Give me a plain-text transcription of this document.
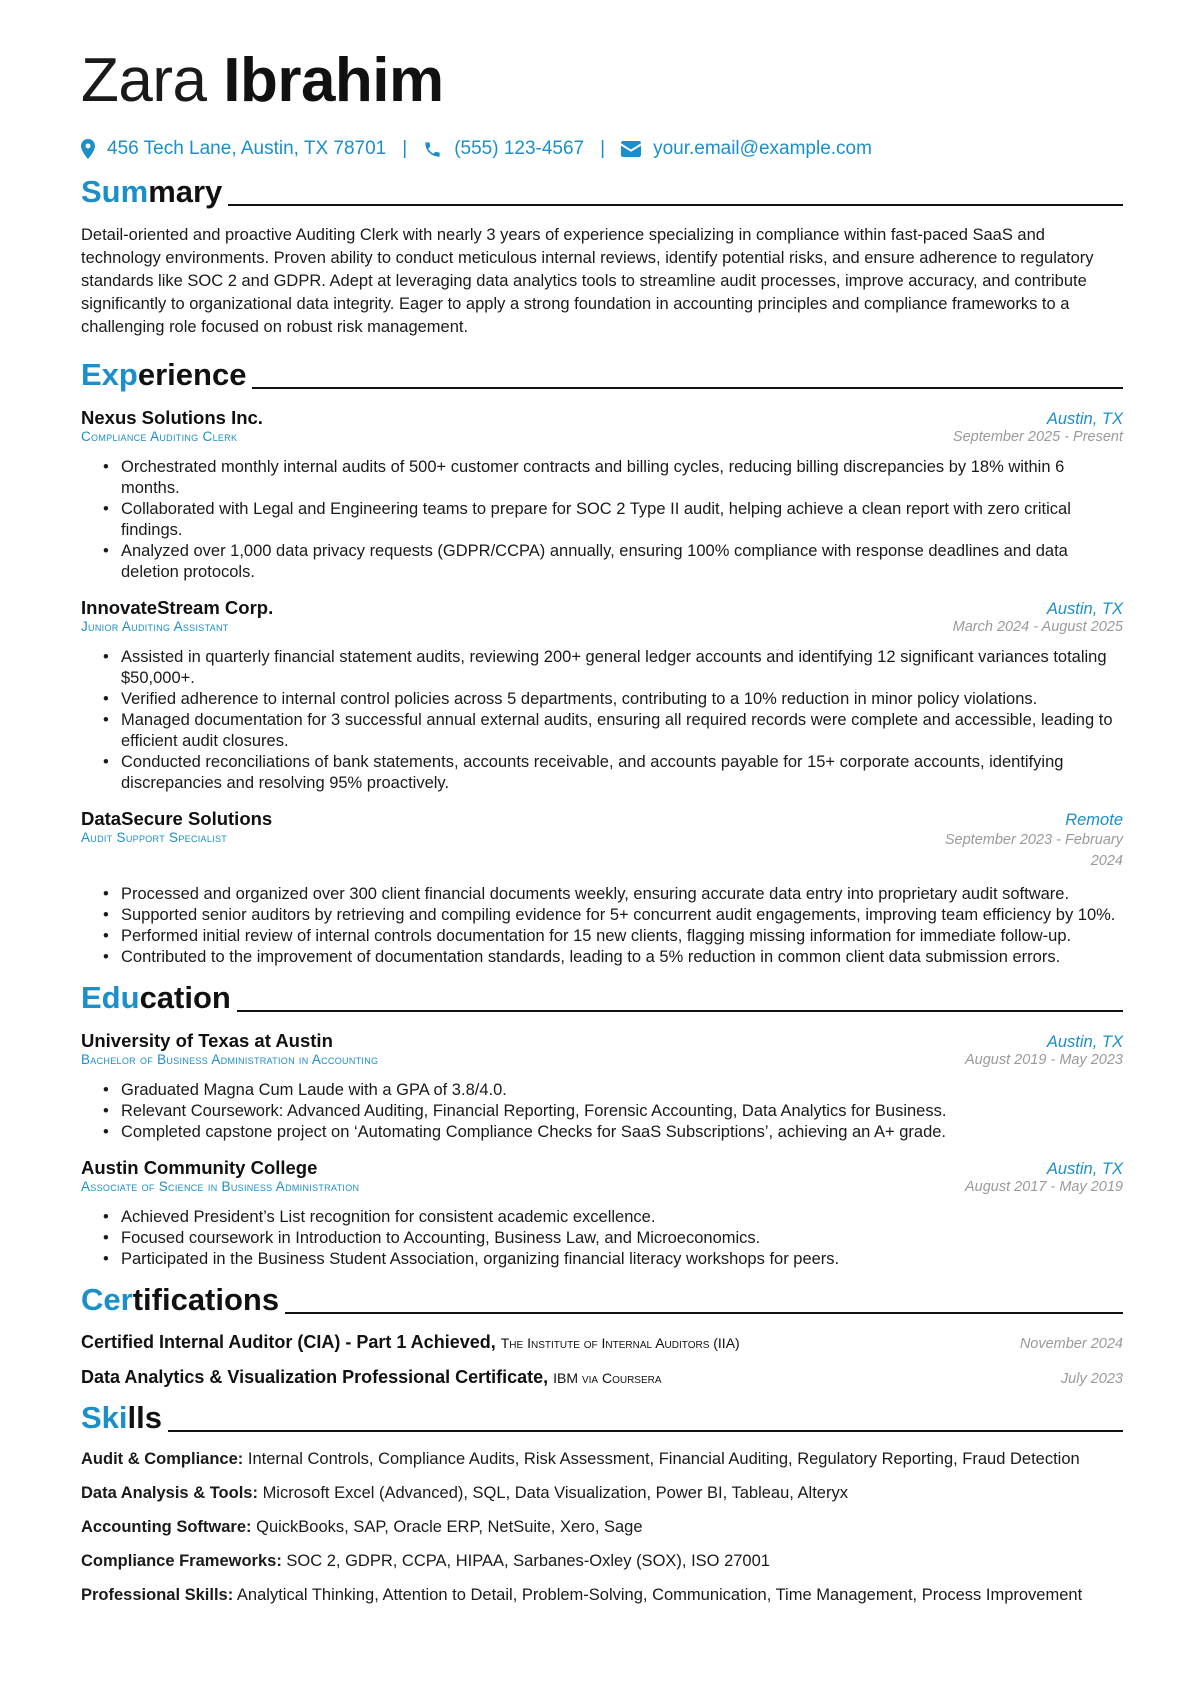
Zara Ibrahim
456 Tech Lane, Austin, TX 78701 | (555) 123-4567 |	your.email@example.com
Summary
Detail-oriented and proactive Auditing Clerk with nearly 3 years of experience specializing in compliance within fast-paced SaaS and technology environments. Proven ability to conduct meticulous internal reviews, identify potential risks, and ensure adherence to regulatory standards like SOC 2 and GDPR. Adept at leveraging data analytics tools to streamline audit processes, improve accuracy, and contribute significantly to organizational data integrity. Eager to apply a strong foundation in accounting principles and compliance frameworks to a challenging role focused on robust risk management.
Experience
Nexus Solutions Inc.	Austin, TX
Compliance Auditing Clerk	September 2025 - Present
• Orchestrated monthly internal audits of 500+ customer contracts and billing cycles, reducing billing discrepancies by 18% within 6 months.
• Collaborated with Legal and Engineering teams to prepare for SOC 2 Type II audit, helping achieve a clean report with zero critical findings.
• Analyzed over 1,000 data privacy requests (GDPR/CCPA) annually, ensuring 100% compliance with response deadlines and data deletion protocols.
InnovateStream Corp.	Austin, TX
Junior Auditing Assistant	March 2024 - August 2025
• Assisted in quarterly financial statement audits, reviewing 200+ general ledger accounts and identifying 12 significant variances totaling $50,000+.
• Verified adherence to internal control policies across 5 departments, contributing to a 10% reduction in minor policy violations.
• Managed documentation for 3 successful annual external audits, ensuring all required records were complete and accessible, leading to efficient audit closures.
• Conducted reconciliations of bank statements, accounts receivable, and accounts payable for 15+ corporate accounts, identifying discrepancies and resolving 95% proactively.
DataSecure Solutions	Remote
Audit Support Specialist	September 2023 - February 2024
• Processed and organized over 300 client financial documents weekly, ensuring accurate data entry into proprietary audit software.
• Supported senior auditors by retrieving and compiling evidence for 5+ concurrent audit engagements, improving team efficiency by 10%.
• Performed initial review of internal controls documentation for 15 new clients, flagging missing information for immediate follow-up.
• Contributed to the improvement of documentation standards, leading to a 5% reduction in common client data submission errors.
Education
University of Texas at Austin	Austin, TX
Bachelor of Business Administration in Accounting	August 2019 - May 2023
• Graduated Magna Cum Laude with a GPA of 3.8/4.0.
• Relevant Coursework: Advanced Auditing, Financial Reporting, Forensic Accounting, Data Analytics for Business.
• Completed capstone project on ‘Automating Compliance Checks for SaaS Subscriptions’, achieving an A+ grade.
Austin Community College	Austin, TX
Associate of Science in Business Administration	August 2017 - May 2019
• Achieved President’s List recognition for consistent academic excellence.
• Focused coursework in Introduction to Accounting, Business Law, and Microeconomics.
• Participated in the Business Student Association, organizing financial literacy workshops for peers.
Certifications
Certified Internal Auditor (CIA) - Part 1 Achieved, The Institute of Internal Auditors (IIA)	November 2024
Data Analytics & Visualization Professional Certificate, IBM via Coursera	July 2023
Skills
Audit & Compliance: Internal Controls, Compliance Audits, Risk Assessment, Financial Auditing, Regulatory Reporting, Fraud Detection
Data Analysis & Tools: Microsoft Excel (Advanced), SQL, Data Visualization, Power BI, Tableau, Alteryx
Accounting Software: QuickBooks, SAP, Oracle ERP, NetSuite, Xero, Sage
Compliance Frameworks: SOC 2, GDPR, CCPA, HIPAA, Sarbanes-Oxley (SOX), ISO 27001
Professional Skills: Analytical Thinking, Attention to Detail, Problem-Solving, Communication, Time Management, Process Improvement
